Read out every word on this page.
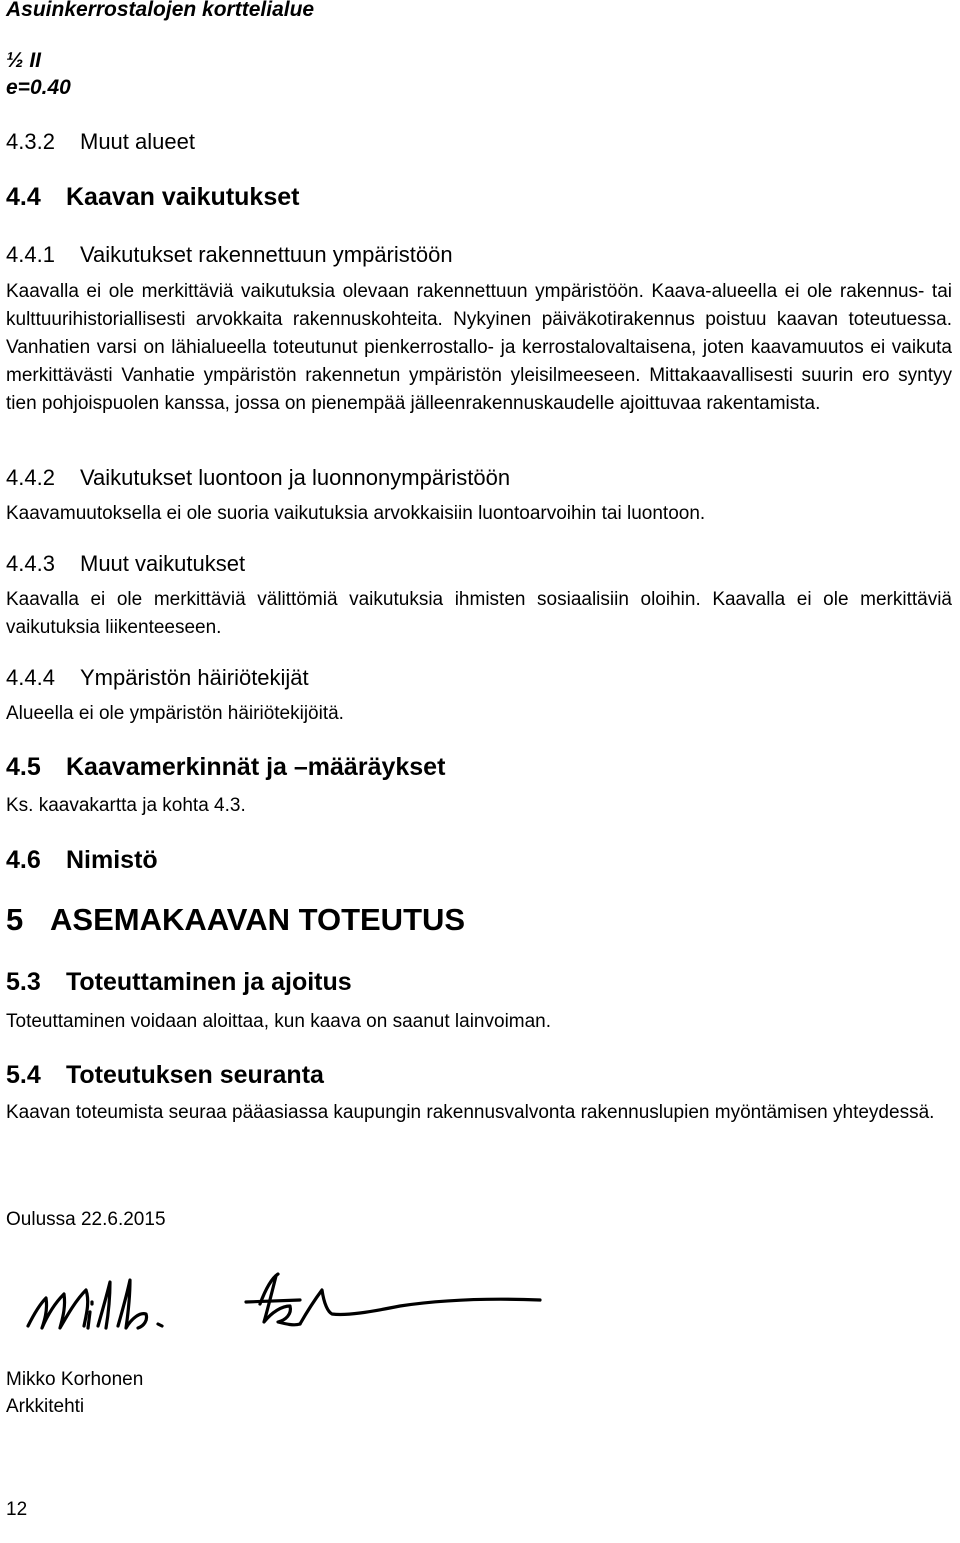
Asuinkerrostalojen korttelialue
½ II
e=0.40
4.3.2 Muut alueet
4.4 Kaavan vaikutukset
4.4.1 Vaikutukset rakennettuun ympäristöön

Kaavalla ei ole merkittäviä vaikutuksia olevaan rakennettuun ympäristöön. Kaava-alueella ei ole rakennus- tai kulttuurihistoriallisesti arvokkaita rakennuskohteita. Nykyinen päiväkotirakennus poistuu kaavan toteutuessa. Vanhatien varsi on lähialueella toteutunut pienkerrostallo- ja kerrostalovaltaisena, joten kaavamuutos ei vaikuta merkittävästi Vanhatie ympäristön rakennetun ympäristön yleisilmeeseen. Mittakaavallisesti suurin ero syntyy tien pohjoispuolen kanssa, jossa on pienempää jälleenrakennuskaudelle ajoittuvaa rakentamista.

4.4.2 Vaikutukset luontoon ja luonnonympäristöön

Kaavamuutoksella ei ole suoria vaikutuksia arvokkaisiin luontoarvoihin tai luontoon.

4.4.3 Muut vaikutukset

Kaavalla ei ole merkittäviä välittömiä vaikutuksia ihmisten sosiaalisiin oloihin. Kaavalla ei ole merkittäviä vaikutuksia liikenteeseen.

4.4.4 Ympäristön häiriötekijät

Alueella ei ole ympäristön häiriötekijöitä.

4.5 Kaavamerkinnät ja –määräykset

Ks. kaavakartta ja kohta 4.3.

4.6 Nimistö
5 ASEMAKAAVAN TOTEUTUS
5.3 Toteuttaminen ja ajoitus

Toteuttaminen voidaan aloittaa, kun kaava on saanut lainvoiman.

5.4 Toteutuksen seuranta

Kaavan toteumista seuraa pääasiassa kaupungin rakennusvalvonta rakennuslupien myöntämisen yhteydessä.

Oulussa 22.6.2015
Mikko Korhonen
Arkkitehti
12
